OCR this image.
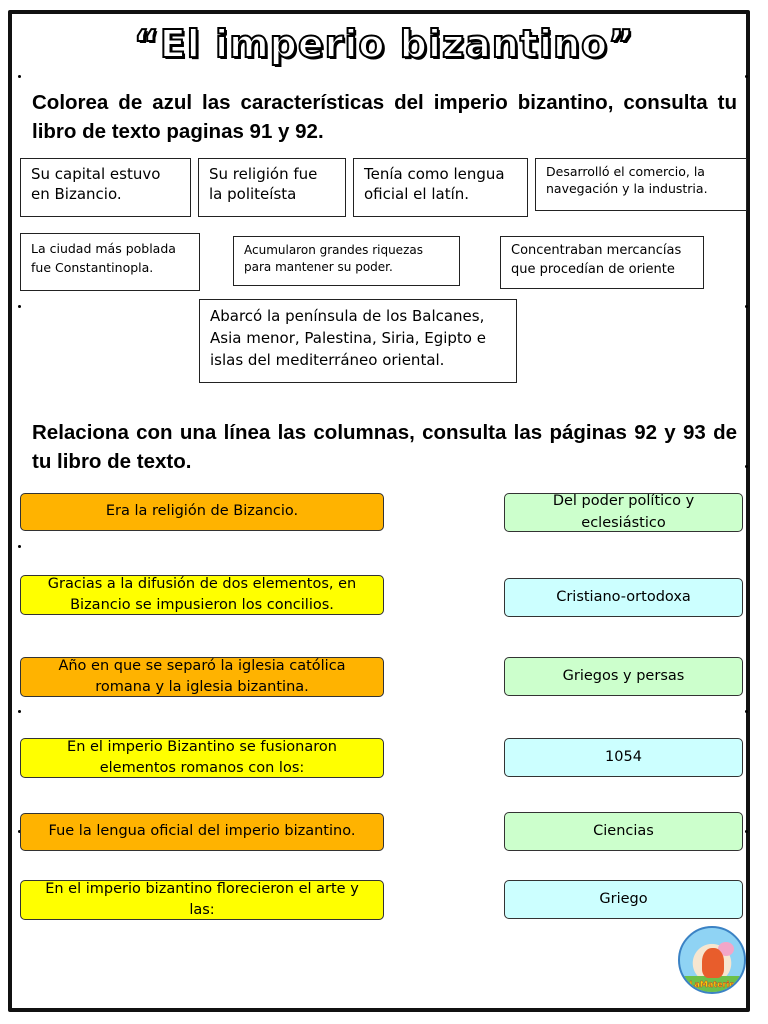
“El imperio bizantino”
Colorea de azul las características del imperio bizantino, consulta tu libro de texto paginas 91 y 92.
Su capital estuvo en Bizancio.
Su religión fue la politeísta
Tenía como lengua oficial el latín.
Desarrolló el comercio, la navegación y la industria.
La ciudad más poblada fue Constantinopla.
Acumularon grandes riquezas para mantener su poder.
Concentraban mercancías que procedían de oriente
Abarcó la península de los Balcanes, Asia menor, Palestina, Siria, Egipto e islas del mediterráneo oriental.
Relaciona con una línea las columnas, consulta las páginas 92 y 93 de tu libro de texto.
Era la religión de Bizancio.
Gracias a la difusión de dos elementos, en Bizancio se impusieron los concilios.
Año en que se separó la iglesia católica romana y la iglesia bizantina.
En el imperio Bizantino se fusionaron elementos romanos con los:
Fue la lengua oficial del imperio bizantino.
En el imperio bizantino florecieron el arte y las:
Del poder político y eclesiástico
Cristiano-ortodoxa
Griegos y persas
1054
Ciencias
Griego
LaMaterie
